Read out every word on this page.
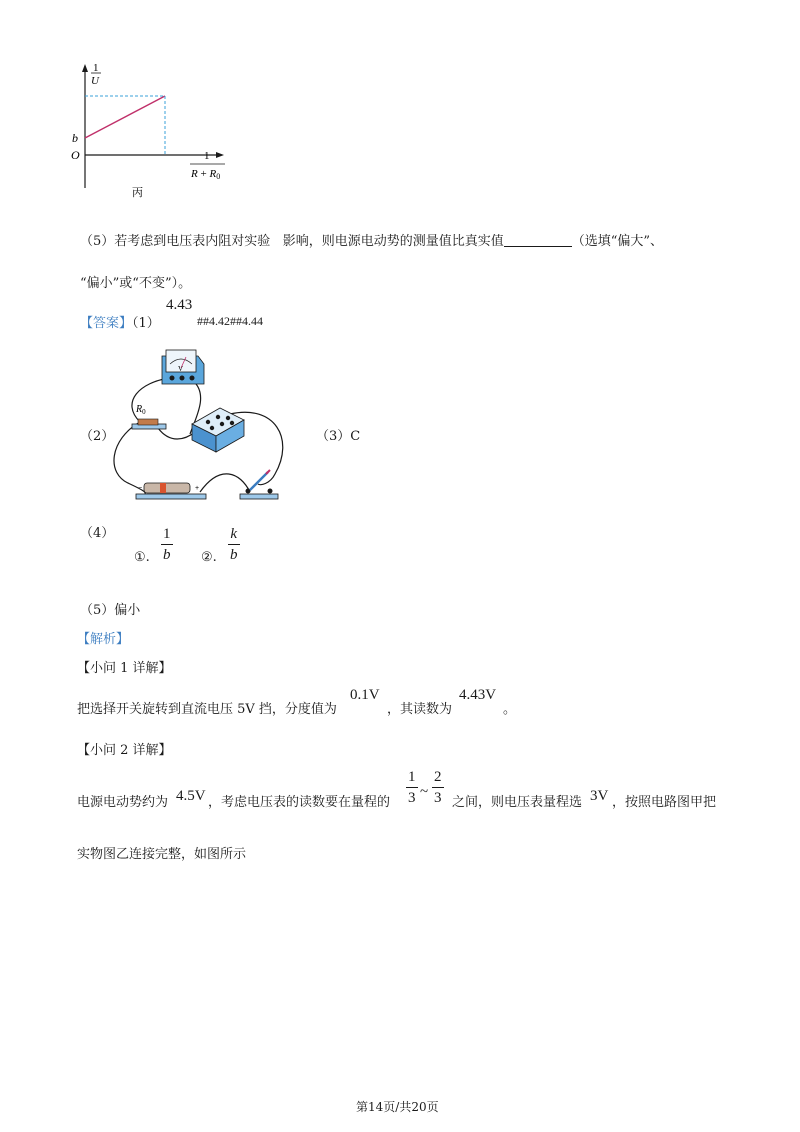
1
U
b
O	1
R + R0
丙
（5）若考虑到电压表内阻对实验 影响，则电源电动势的测量值比真实值	（选填“偏大”、
“偏小”或“不变”）。
【答案】（1）
4.43
##4.42##4.44
（2）
V
$R_0$
−	+
（3）C
（4）
①. $\frac{1}{b}$ ②. $\frac{k}{b}$
（5）偏小
【解析】
【小问 1 详解】
把选择开关旋转到直流电压 5V 挡，分度值为
0.1V
，其读数为
4.43V
。
【小问 2 详解】
电源电动势约为 4.5V ，考虑电压表的读数要在量程的 $\frac{1}{3}$ ~ $\frac{2}{3}$ 之间，则电压表量程选 3V ，按照电路图甲把
实物图乙连接完整，如图所示
第14页/共20页
